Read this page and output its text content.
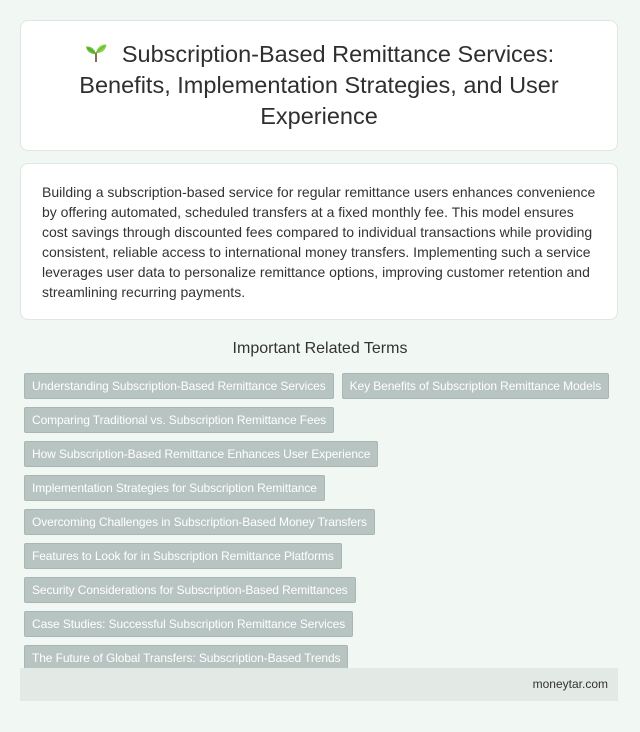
Subscription-Based Remittance Services: Benefits, Implementation Strategies, and User Experience

Building a subscription-based service for regular remittance users enhances convenience by offering automated, scheduled transfers at a fixed monthly fee. This model ensures cost savings through discounted fees compared to individual transactions while providing consistent, reliable access to international money transfers. Implementing such a service leverages user data to personalize remittance options, improving customer retention and streamlining recurring payments.

Important Related Terms
Understanding Subscription-Based Remittance Services	Key Benefits of Subscription Remittance Models
Comparing Traditional vs. Subscription Remittance Fees
How Subscription-Based Remittance Enhances User Experience
Implementation Strategies for Subscription Remittance
Overcoming Challenges in Subscription-Based Money Transfers
Features to Look for in Subscription Remittance Platforms
Security Considerations for Subscription-Based Remittances
Case Studies: Successful Subscription Remittance Services
The Future of Global Transfers: Subscription-Based Trends
moneytar.com
